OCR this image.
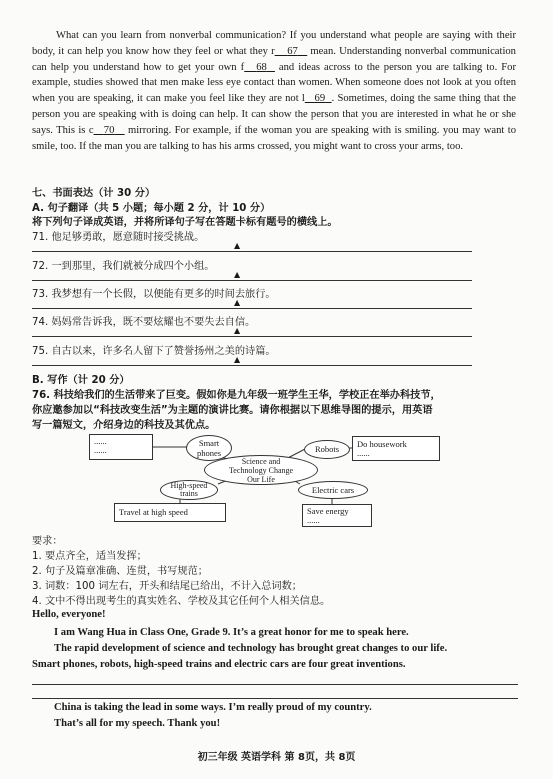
What can you learn from nonverbal communication? If you understand what people are saying with their body, it can help you know how they feel or what they r 67    mean. Understanding nonverbal communication can help you understand how to get your own f 68   and ideas across to the person you are talking to. For example, studies showed that men make less eye contact than women. When someone does not look at you often when you are speaking, it can make you feel like they are not l 69 . Sometimes, doing the same thing that the person you are speaking with is doing can help. It can show the person that you are interested in what he or she says. This is c 70    mirroring. For example, if the woman you are speaking with is smiling. you may want to smile, too. If the man you are talking to has his arms crossed, you might want to cross your arms, too.

七、书面表达（计 30 分）
A. 句子翻译（共 5 小题；每小题 2 分，计 10 分）
将下列句子译成英语，并将所译句子写在答题卡标有题号的横线上。
71. 他足够勇敢，愿意随时接受挑战。
▲
72. 一到那里，我们就被分成四个小组。
▲
73. 我梦想有一个长假，以便能有更多的时间去旅行。
▲
74. 妈妈常告诉我，既不要炫耀也不要失去自信。
▲
75. 自古以来，许多名人留下了赞誉扬州之美的诗篇。
▲
B. 写作（计 20 分）
76. 科技给我们的生活带来了巨变。假如你是九年级一班学生王华，学校正在举办科技节，
你应邀参加以“科技改变生活”为主题的演讲比赛。请你根据以下思维导图的提示，用英语
写一篇短文，介绍身边的科技及其优点。
......
......
Smart
phones	Robots	Do housework
......
Science and
Technology Change
Our Life
High-speed
trains	Electric cars
Travel at high speed	Save energy
......
要求：
1. 要点齐全，适当发挥；
2. 句子及篇章准确、连贯，书写规范；
3. 词数：100 词左右，开头和结尾已给出，不计入总词数；
4. 文中不得出现考生的真实姓名、学校及其它任何个人相关信息。
Hello, everyone!
I am Wang Hua in Class One, Grade 9. It’s a great honor for me to speak here.
The rapid development of science and technology has brought great changes to our life.
Smart phones, robots, high-speed trains and electric cars are four great inventions.
China is taking the lead in some ways. I’m really proud of my country.
That’s all for my speech. Thank you!
初三年级 英语学科 第 8页，共 8页
